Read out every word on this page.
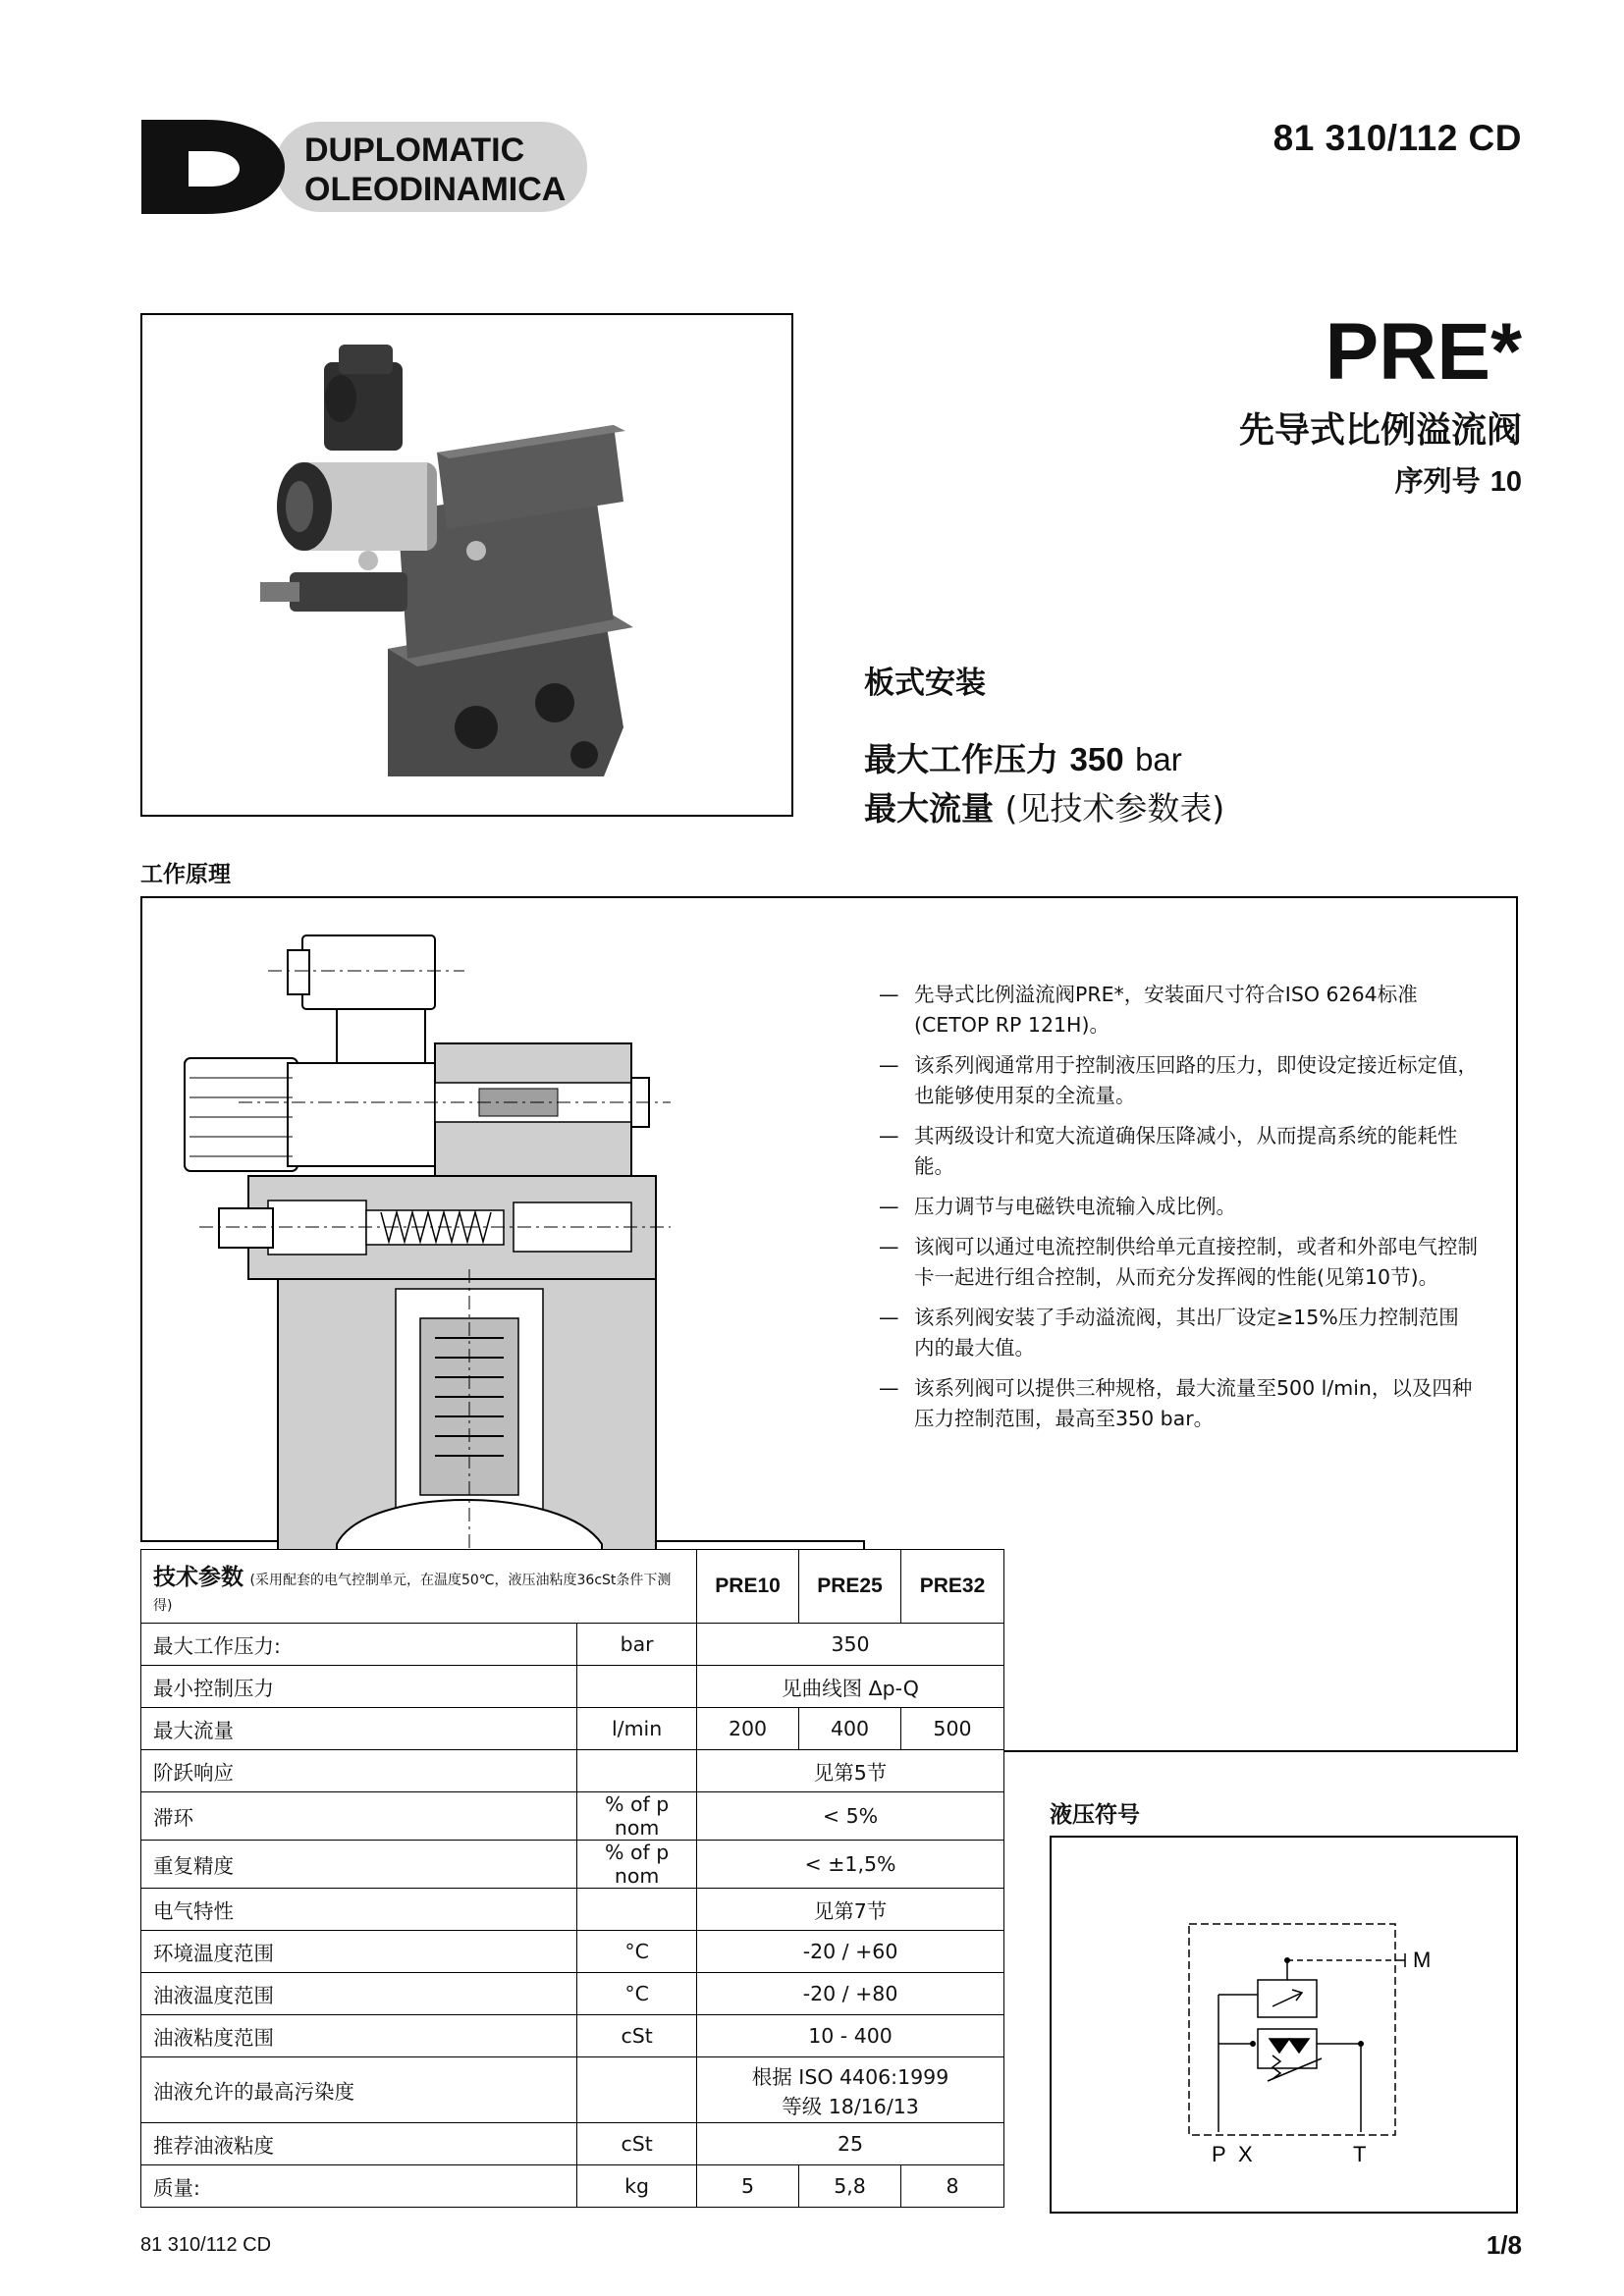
DUPLOMATIC
OLEODINAMICA
81 310/112 CD
PRE*
先导式比例溢流阀
序列号 10
板式安装
最大工作压力 350 bar
最大流量 (见技术参数表)
工作原理
— 先导式比例溢流阀PRE*，安装面尺寸符合ISO 6264标准(CETOP RP 121H)。
— 该系列阀通常用于控制液压回路的压力，即使设定接近标定值，也能够使用泵的全流量。
— 其两级设计和宽大流道确保压降减小，从而提高系统的能耗性能。
— 压力调节与电磁铁电流输入成比例。
— 该阀可以通过电流控制供给单元直接控制，或者和外部电气控制卡一起进行组合控制，从而充分发挥阀的性能(见第10节)。
— 该系列阀安装了手动溢流阀，其出厂设定≥15%压力控制范围内的最大值。
— 该系列阀可以提供三种规格，最大流量至500 l/min，以及四种压力控制范围，最高至350 bar。
技术参数 (采用配套的电气控制单元，在温度50℃，液压油粘度36cSt条件下测得)		PRE10	PRE25	PRE32
最大工作压力:	bar	350		
最小控制压力		见曲线图 Δp-Q		
最大流量	l/min	200	400	500
阶跃响应		见第5节		
滞环	% of p nom	< 5%		
重复精度	% of p nom	< ±1,5%		
电气特性		见第7节		
环境温度范围	°C	-20 / +60		
油液温度范围	°C	-20 / +80		
油液粘度范围	cSt	10 - 400		
油液允许的最高污染度		根据 ISO 4406:1999
等级 18/16/13		

推荐油液粘度	cSt	25		
质量:	kg	5	5,8	8
液压符号
P X	T
M
81 310/112 CD	1/8
